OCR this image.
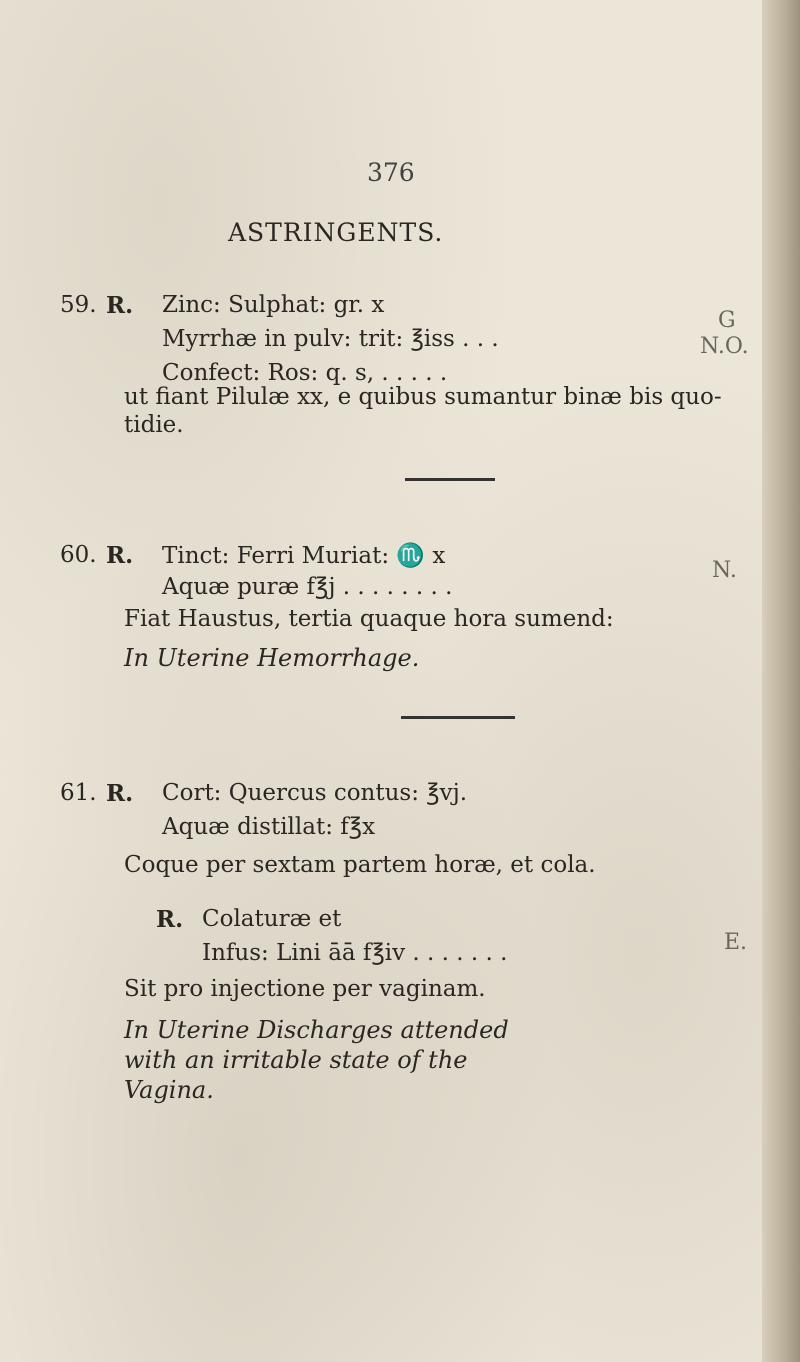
376
ASTRINGENTS.
59. R. Zinc: Sulphat: gr. x
Myrrhæ in pulv: trit: ℥iss . . .
Confect: Ros: q. s, . . . . .
G
N.O.
ut fiant Pilulæ xx, e quibus sumantur binæ bis quo-
tidie.
60. R. Tinct: Ferri Muriat: ♏ x
Aquæ puræ f℥j . . . . . . . .
N.
Fiat Haustus, tertia quaque hora sumend:
In Uterine Hemorrhage.
61. R. Cort: Quercus contus: ℥vj.
Aquæ distillat: f℥x
Coque per sextam partem horæ, et cola.
R. Colaturæ et
Infus: Lini āā f℥iv . . . . . . .	E.
Sit pro injectione per vaginam.
In Uterine Discharges attended
with an irritable state of the
Vagina.
